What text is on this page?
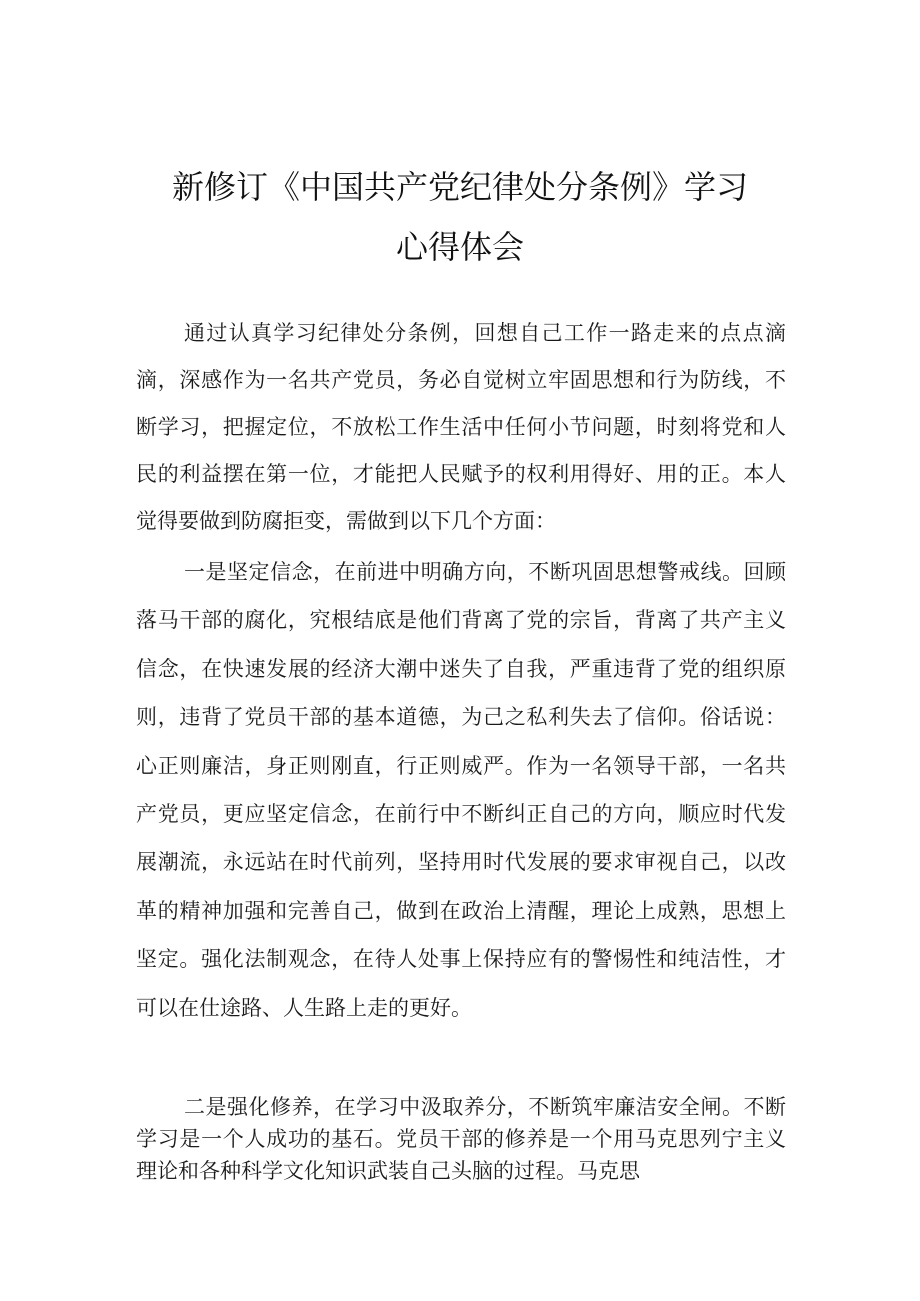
新修订《中国共产党纪律处分条例》学习
心得体会

通过认真学习纪律处分条例，回想自己工作一路走来的点点滴滴，深感作为一名共产党员，务必自觉树立牢固思想和行为防线，不断学习，把握定位，不放松工作生活中任何小节问题，时刻将党和人民的利益摆在第一位，才能把人民赋予的权利用得好、用的正。本人觉得要做到防腐拒变，需做到以下几个方面：

一是坚定信念，在前进中明确方向，不断巩固思想警戒线。回顾落马干部的腐化，究根结底是他们背离了党的宗旨，背离了共产主义信念，在快速发展的经济大潮中迷失了自我，严重违背了党的组织原则，违背了党员干部的基本道德，为己之私利失去了信仰。俗话说：心正则廉洁，身正则刚直，行正则威严。作为一名领导干部，一名共产党员，更应坚定信念，在前行中不断纠正自己的方向，顺应时代发展潮流，永远站在时代前列，坚持用时代发展的要求审视自己，以改革的精神加强和完善自己，做到在政治上清醒，理论上成熟，思想上坚定。强化法制观念，在待人处事上保持应有的警惕性和纯洁性，才可以在仕途路、人生路上走的更好。

二是强化修养，在学习中汲取养分，不断筑牢廉洁安全闸。不断学习是一个人成功的基石。党员干部的修养是一个用马克思列宁主义理论和各种科学文化知识武装自己头脑的过程。马克思
